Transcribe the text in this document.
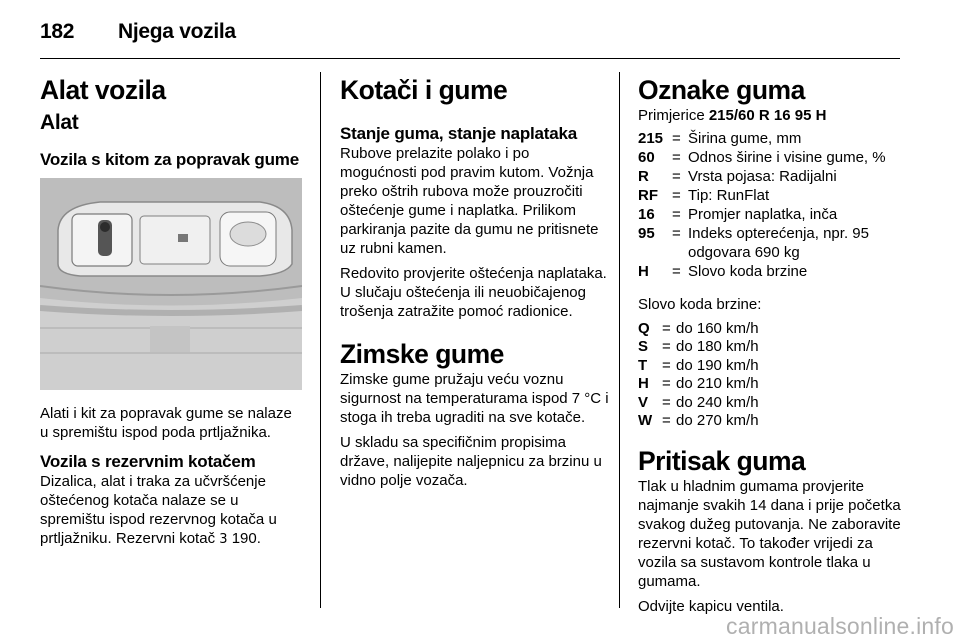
182 Njega vozila
Alat vozila
Alat
Vozila s kitom za popravak gume

Alati i kit za popravak gume se nalaze u spremištu ispod poda prtljažnika.

Vozila s rezervnim kotačem

Dizalica, alat i traka za učvršćenje oštećenog kotača nalaze se u spremištu ispod rezervnog kotača u prtljažniku. Rezervni kotač 3 190.

Kotači i gume
Stanje guma, stanje naplataka

Rubove prelazite polako i po mogućnosti pod pravim kutom. Vožnja preko oštrih rubova može prouzročiti oštećenje gume i naplatka. Prilikom parkiranja pazite da gumu ne pritisnete uz rubni kamen.

Redovito provjerite oštećenja naplataka. U slučaju oštećenja ili neuobičajenog trošenja zatražite pomoć radionice.

Zimske gume

Zimske gume pružaju veću voznu sigurnost na temperaturama ispod 7 °C i stoga ih treba ugraditi na sve kotače.

U skladu sa specifičnim propisima države, nalijepite naljepnicu za brzinu u vidno polje vozača.

Oznake guma

Primjerice 215/60 R 16 95 H

215 = Širina gume, mm
60	= Odnos širine i visine gume, %
R	= Vrsta pojasa: Radijalni
RF = Tip: RunFlat
16	= Promjer naplatka, inča
95	= Indeks opterećenja, npr. 95 odgovara 690 kg
H	= Slovo koda brzine

Slovo koda brzine:

Q = do 160 km/h
S = do 180 km/h
T = do 190 km/h
H = do 210 km/h
V = do 240 km/h
W = do 270 km/h
Pritisak guma

Tlak u hladnim gumama provjerite najmanje svakih 14 dana i prije početka svakog dužeg putovanja. Ne zaboravite rezervni kotač. To također vrijedi za vozila sa sustavom kontrole tlaka u gumama.

Odvijte kapicu ventila.

carmanualsonline.info
